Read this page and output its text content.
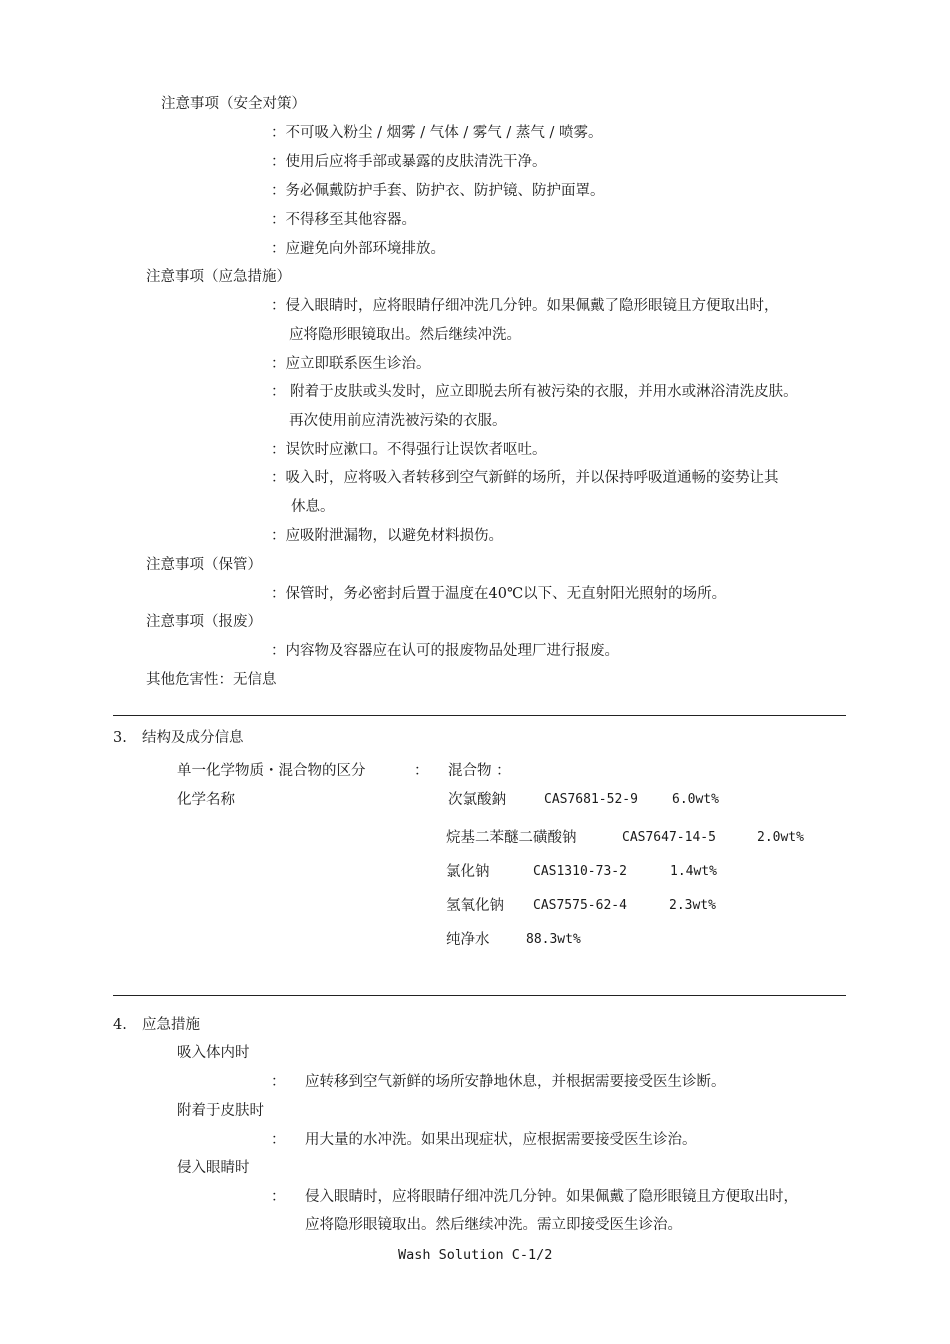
注意事项（安全对策）
：不可吸入粉尘 / 烟雾 / 气体 / 雾气 / 蒸气 / 喷雾。
：使用后应将手部或暴露的皮肤清洗干净。
：务必佩戴防护手套、防护衣、防护镜、防护面罩。
：不得移至其他容器。
：应避免向外部环境排放。
注意事项（应急措施）
：侵入眼睛时，应将眼睛仔细冲洗几分钟。如果佩戴了隐形眼镜且方便取出时，
应将隐形眼镜取出。然后继续冲洗。
：应立即联系医生诊治。
： 附着于皮肤或头发时，应立即脱去所有被污染的衣服，并用水或淋浴清洗皮肤。
再次使用前应清洗被污染的衣服。
：误饮时应漱口。不得强行让误饮者呕吐。
：吸入时，应将吸入者转移到空气新鲜的场所，并以保持呼吸道通畅的姿势让其
休息。
：应吸附泄漏物，以避免材料损伤。
注意事项（保管）
：保管时，务必密封后置于温度在40℃以下、无直射阳光照射的场所。
注意事项（报废）
：内容物及容器应在认可的报废物品处理厂进行报废。
其他危害性：无信息
3. 结构及成分信息
单一化学物质・混合物的区分	： 混合物 ：
化学名称	次氯酸鈉	CAS7681-52-9	6.0wt%
烷基二苯醚二磺酸钠	CAS7647-14-5	2.0wt%
氯化钠	CAS1310-73-2	1.4wt%
氢氧化钠 CAS7575-62-4	2.3wt%
纯净水	88.3wt%
4. 应急措施
吸入体内时
： 应转移到空气新鲜的场所安静地休息，并根据需要接受医生诊断。
附着于皮肤时
： 用大量的水冲洗。如果出现症状，应根据需要接受医生诊治。
侵入眼睛时
： 侵入眼睛时，应将眼睛仔细冲洗几分钟。如果佩戴了隐形眼镜且方便取出时，
应将隐形眼镜取出。然后继续冲洗。需立即接受医生诊治。
Wash Solution C-1/2
